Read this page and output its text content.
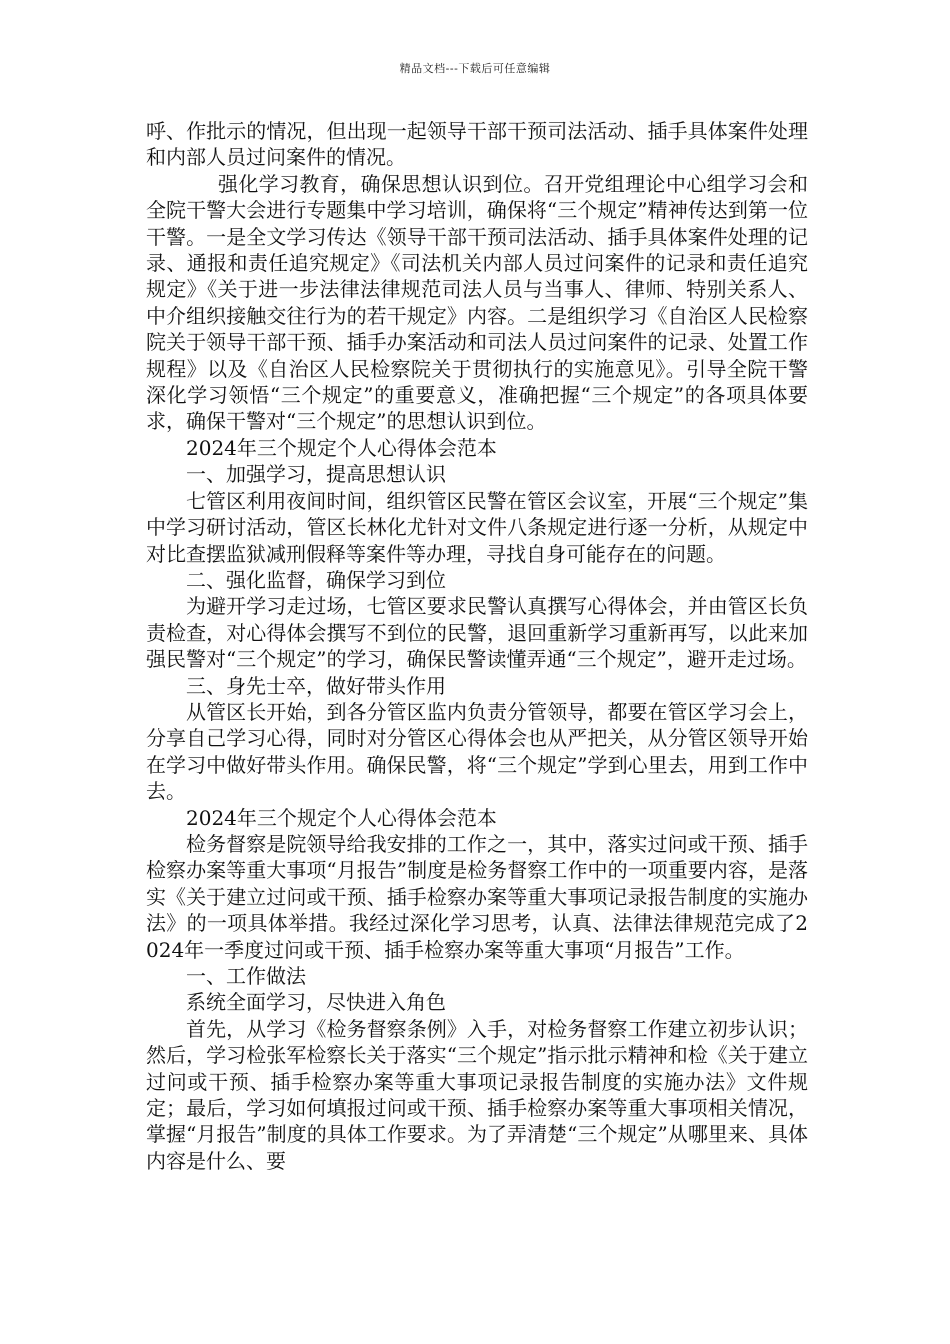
精品文档---下载后可任意编辑

呼、作批示的情况，但出现一起领导干部干预司法活动、插手具体案件处理和内部人员过问案件的情况。

强化学习教育，确保思想认识到位。召开党组理论中心组学习会和全院干警大会进行专题集中学习培训，确保将“三个规定”精神传达到第一位干警。一是全文学习传达《领导干部干预司法活动、插手具体案件处理的记录、通报和责任追究规定》《司法机关内部人员过问案件的记录和责任追究规定》《关于进一步法律法律规范司法人员与当事人、律师、特别关系人、中介组织接触交往行为的若干规定》内容。二是组织学习《自治区人民检察院关于领导干部干预、插手办案活动和司法人员过问案件的记录、处置工作规程》以及《自治区人民检察院关于贯彻执行的实施意见》。引导全院干警深化学习领悟“三个规定”的重要意义，准确把握“三个规定”的各项具体要求，确保干警对“三个规定”的思想认识到位。

2024年三个规定个人心得体会范本

一、加强学习，提高思想认识

七管区利用夜间时间，组织管区民警在管区会议室，开展“三个规定”集中学习研讨活动，管区长林化尤针对文件八条规定进行逐一分析，从规定中对比查摆监狱减刑假释等案件等办理，寻找自身可能存在的问题。

二、强化监督，确保学习到位

为避开学习走过场，七管区要求民警认真撰写心得体会，并由管区长负责检查，对心得体会撰写不到位的民警，退回重新学习重新再写，以此来加强民警对“三个规定”的学习，确保民警读懂弄通“三个规定”，避开走过场。

三、身先士卒，做好带头作用

从管区长开始，到各分管区监内负责分管领导，都要在管区学习会上，分享自己学习心得，同时对分管区心得体会也从严把关，从分管区领导开始在学习中做好带头作用。确保民警，将“三个规定”学到心里去，用到工作中去。

2024年三个规定个人心得体会范本

检务督察是院领导给我安排的工作之一，其中，落实过问或干预、插手检察办案等重大事项“月报告”制度是检务督察工作中的一项重要内容，是落实《关于建立过问或干预、插手检察办案等重大事项记录报告制度的实施办法》的一项具体举措。我经过深化学习思考，认真、法律法律规范完成了2024年一季度过问或干预、插手检察办案等重大事项“月报告”工作。

一、工作做法

系统全面学习，尽快进入角色

首先，从学习《检务督察条例》入手，对检务督察工作建立初步认识；然后，学习检张军检察长关于落实“三个规定”指示批示精神和检《关于建立过问或干预、插手检察办案等重大事项记录报告制度的实施办法》文件规定；最后，学习如何填报过问或干预、插手检察办案等重大事项相关情况，掌握“月报告”制度的具体工作要求。为了弄清楚“三个规定”从哪里来、具体内容是什么、要
